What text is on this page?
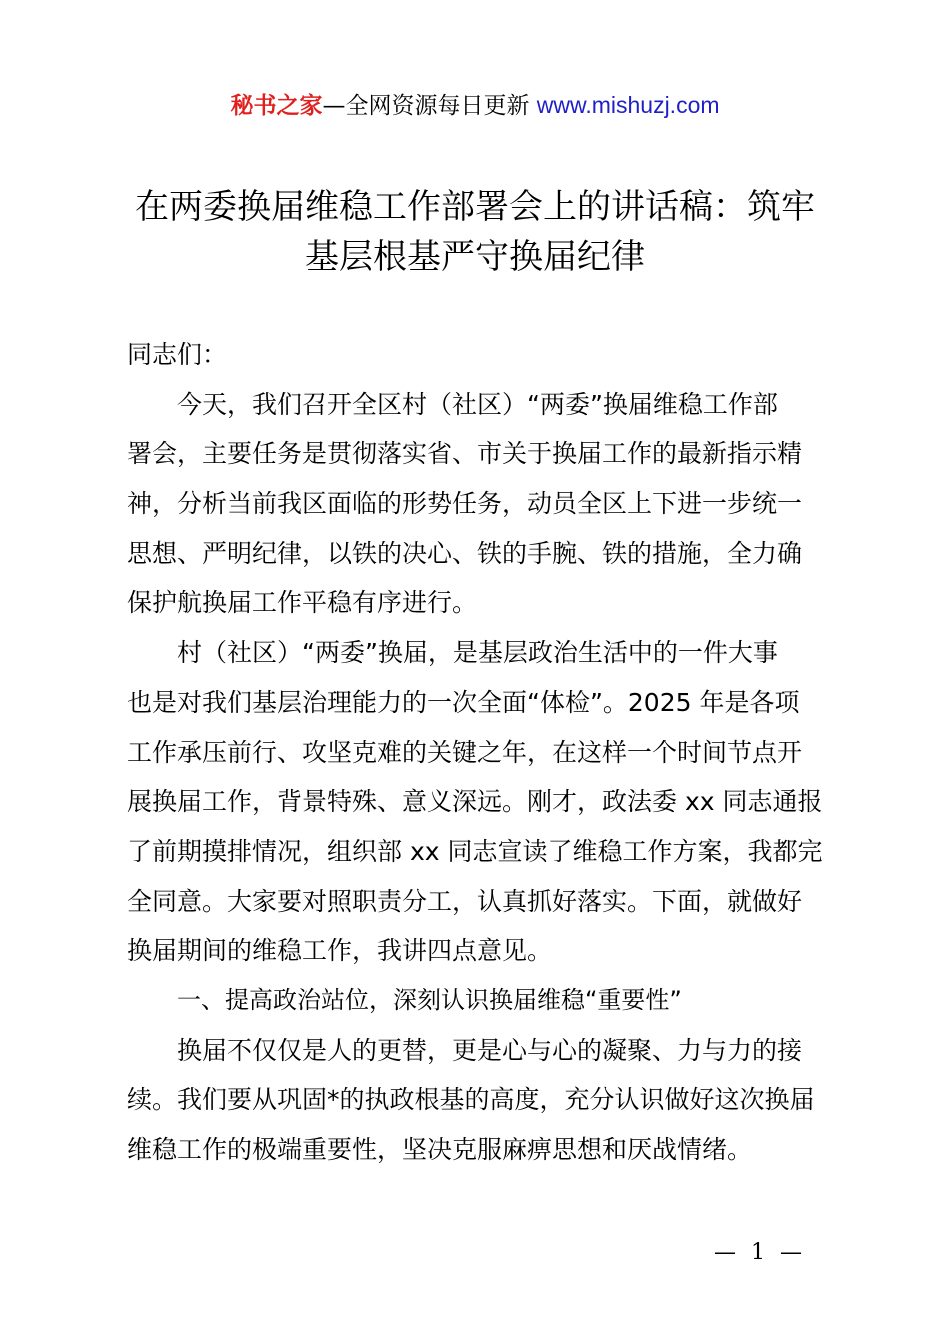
秘书之家—全网资源每日更新 www.mishuzj.com
在两委换届维稳工作部署会上的讲话稿：筑牢
基层根基严守换届纪律

同志们：

今天，我们召开全区村（社区）“两委”换届维稳工作部
署会，主要任务是贯彻落实省、市关于换届工作的最新指示精
神，分析当前我区面临的形势任务，动员全区上下进一步统一
思想、严明纪律，以铁的决心、铁的手腕、铁的措施，全力确
保护航换届工作平稳有序进行。

村（社区）“两委”换届，是基层政治生活中的一件大事
也是对我们基层治理能力的一次全面“体检”。2025 年是各项
工作承压前行、攻坚克难的关键之年，在这样一个时间节点开
展换届工作，背景特殊、意义深远。刚才，政法委 xx 同志通报
了前期摸排情况，组织部 xx 同志宣读了维稳工作方案，我都完
全同意。大家要对照职责分工，认真抓好落实。下面，就做好
换届期间的维稳工作，我讲四点意见。

一、提高政治站位，深刻认识换届维稳“重要性”

换届不仅仅是人的更替，更是心与心的凝聚、力与力的接
续。我们要从巩固*的执政根基的高度，充分认识做好这次换届
维稳工作的极端重要性，坚决克服麻痹思想和厌战情绪。

— 1 —
